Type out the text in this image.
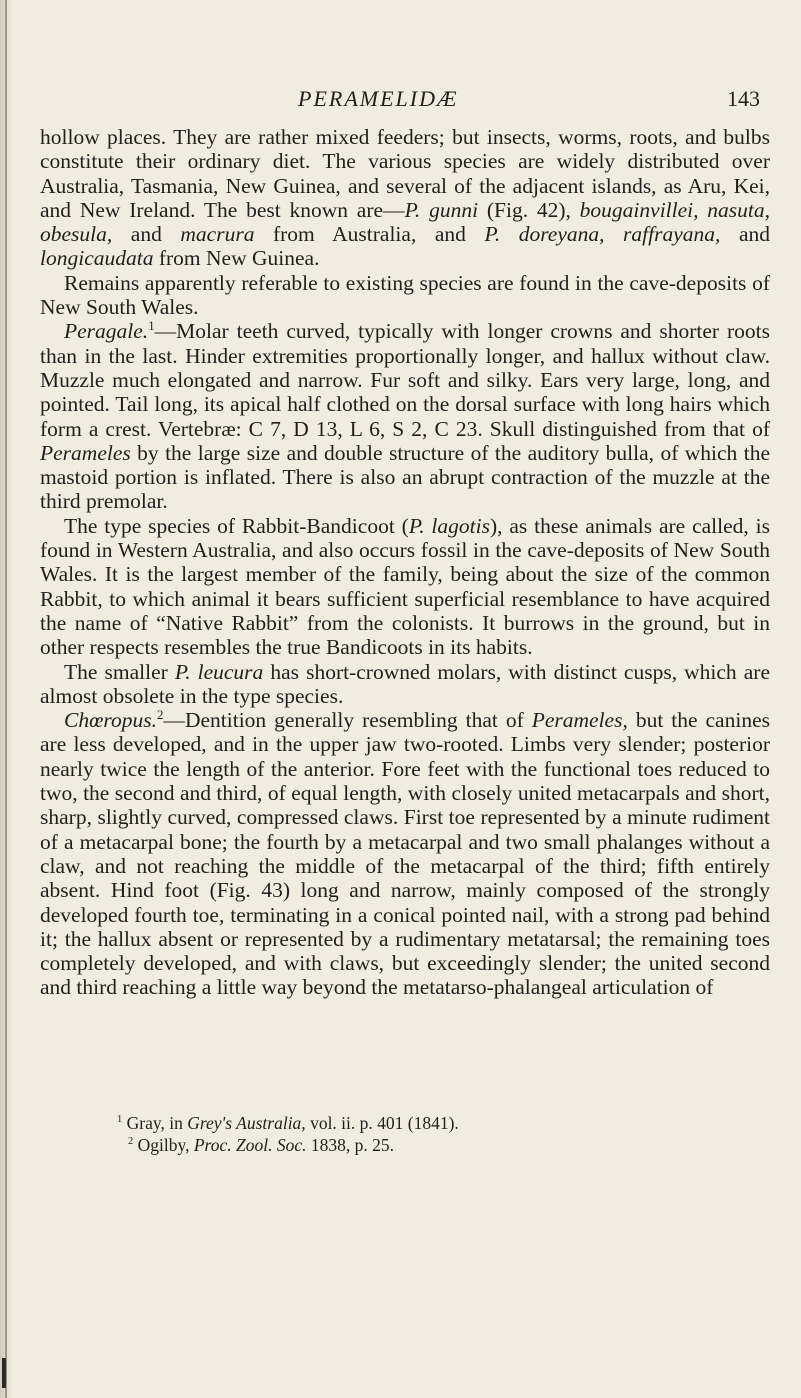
PERAMELIDÆ	143

hollow places. They are rather mixed feeders; but insects, worms, roots, and bulbs constitute their ordinary diet. The various species are widely distributed over Australia, Tasmania, New Guinea, and several of the adjacent islands, as Aru, Kei, and New Ireland. The best known are—P. gunni (Fig. 42), bougainvillei, nasuta, obesula, and macrura from Australia, and P. doreyana, raffrayana, and longicaudata from New Guinea.

Remains apparently referable to existing species are found in the cave-deposits of New South Wales.

Peragale.$^1$—Molar teeth curved, typically with longer crowns and shorter roots than in the last. Hinder extremities proportionally longer, and hallux without claw. Muzzle much elongated and narrow. Fur soft and silky. Ears very large, long, and pointed. Tail long, its apical half clothed on the dorsal surface with long hairs which form a crest. Vertebræ: C 7, D 13, L 6, S 2, C 23. Skull distinguished from that of Perameles by the large size and double structure of the auditory bulla, of which the mastoid portion is inflated. There is also an abrupt contraction of the muzzle at the third premolar.

The type species of Rabbit-Bandicoot (P. lagotis), as these animals are called, is found in Western Australia, and also occurs fossil in the cave-deposits of New South Wales. It is the largest member of the family, being about the size of the common Rabbit, to which animal it bears sufficient superficial resemblance to have acquired the name of “Native Rabbit” from the colonists. It burrows in the ground, but in other respects resembles the true Bandicoots in its habits.

The smaller P. leucura has short-crowned molars, with distinct cusps, which are almost obsolete in the type species.

Chœropus.$^2$—Dentition generally resembling that of Perameles, but the canines are less developed, and in the upper jaw two-rooted. Limbs very slender; posterior nearly twice the length of the anterior. Fore feet with the functional toes reduced to two, the second and third, of equal length, with closely united metacarpals and short, sharp, slightly curved, compressed claws. First toe represented by a minute rudiment of a metacarpal bone; the fourth by a metacarpal and two small phalanges without a claw, and not reaching the middle of the metacarpal of the third; fifth entirely absent. Hind foot (Fig. 43) long and narrow, mainly composed of the strongly developed fourth toe, terminating in a conical pointed nail, with a strong pad behind it; the hallux absent or represented by a rudimentary metatarsal; the remaining toes completely developed, and with claws, but exceedingly slender; the united second and third reaching a little way beyond the metatarso-phalangeal articulation of

$^1$ Gray, in Grey's Australia, vol. ii. p. 401 (1841).

$^2$ Ogilby, Proc. Zool. Soc. 1838, p. 25.
